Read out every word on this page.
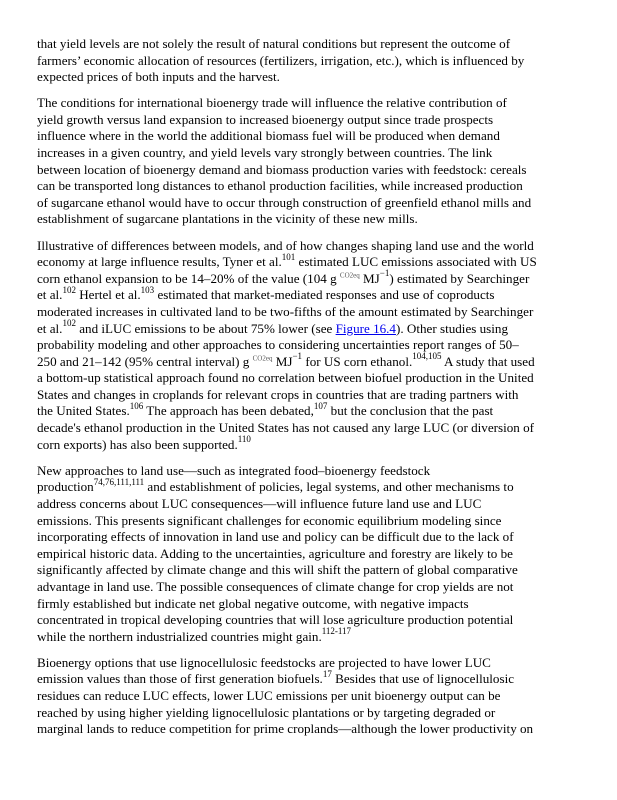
that yield levels are not solely the result of natural conditions but represent the outcome of
farmers’ economic allocation of resources (fertilizers, irrigation, etc.), which is influenced by
expected prices of both inputs and the harvest.

The conditions for international bioenergy trade will influence the relative contribution of
yield growth versus land expansion to increased bioenergy output since trade prospects
influence where in the world the additional biomass fuel will be produced when demand
increases in a given country, and yield levels vary strongly between countries. The link
between location of bioenergy demand and biomass production varies with feedstock: cereals
can be transported long distances to ethanol production facilities, while increased production
of sugarcane ethanol would have to occur through construction of greenfield ethanol mills and
establishment of sugarcane plantations in the vicinity of these new mills.

Illustrative of differences between models, and of how changes shaping land use and the world
economy at large influence results, Tyner et al.$^{101}$ estimated LUC emissions associated with US
corn ethanol expansion to be 14–20% of the value (104 g $^{CO2eq}$ $MJ^{-1}$) estimated by Searchinger
et al.$^{102}$ Hertel et al.$^{103}$ estimated that market-mediated responses and use of coproducts
moderated increases in cultivated land to be two-fifths of the amount estimated by Searchinger
et al.$^{102}$ and iLUC emissions to be about 75% lower (see Figure 16.4). Other studies using
probability modeling and other approaches to considering uncertainties report ranges of 50–
250 and 21–142 (95% central interval) g $^{CO2eq}$ $MJ^{-1}$ for US corn ethanol.$^{104,105}$ A study that used
a bottom-up statistical approach found no correlation between biofuel production in the United
States and changes in croplands for relevant crops in countries that are trading partners with
the United States.$^{106}$ The approach has been debated,$^{107}$ but the conclusion that the past
decade's ethanol production in the United States has not caused any large LUC (or diversion of
corn exports) has also been supported.$^{110}$

New approaches to land use—such as integrated food–bioenergy feedstock
production$^{74,76,111,111}$ and establishment of policies, legal systems, and other mechanisms to
address concerns about LUC consequences—will influence future land use and LUC
emissions. This presents significant challenges for economic equilibrium modeling since
incorporating effects of innovation in land use and policy can be difficult due to the lack of
empirical historic data. Adding to the uncertainties, agriculture and forestry are likely to be
significantly affected by climate change and this will shift the pattern of global comparative
advantage in land use. The possible consequences of climate change for crop yields are not
firmly established but indicate net global negative outcome, with negative impacts
concentrated in tropical developing countries that will lose agriculture production potential
while the northern industrialized countries might gain.$^{112-117}$

Bioenergy options that use lignocellulosic feedstocks are projected to have lower LUC
emission values than those of first generation biofuels.$^{17}$ Besides that use of lignocellulosic
residues can reduce LUC effects, lower LUC emissions per unit bioenergy output can be
reached by using higher yielding lignocellulosic plantations or by targeting degraded or
marginal lands to reduce competition for prime croplands—although the lower productivity on
